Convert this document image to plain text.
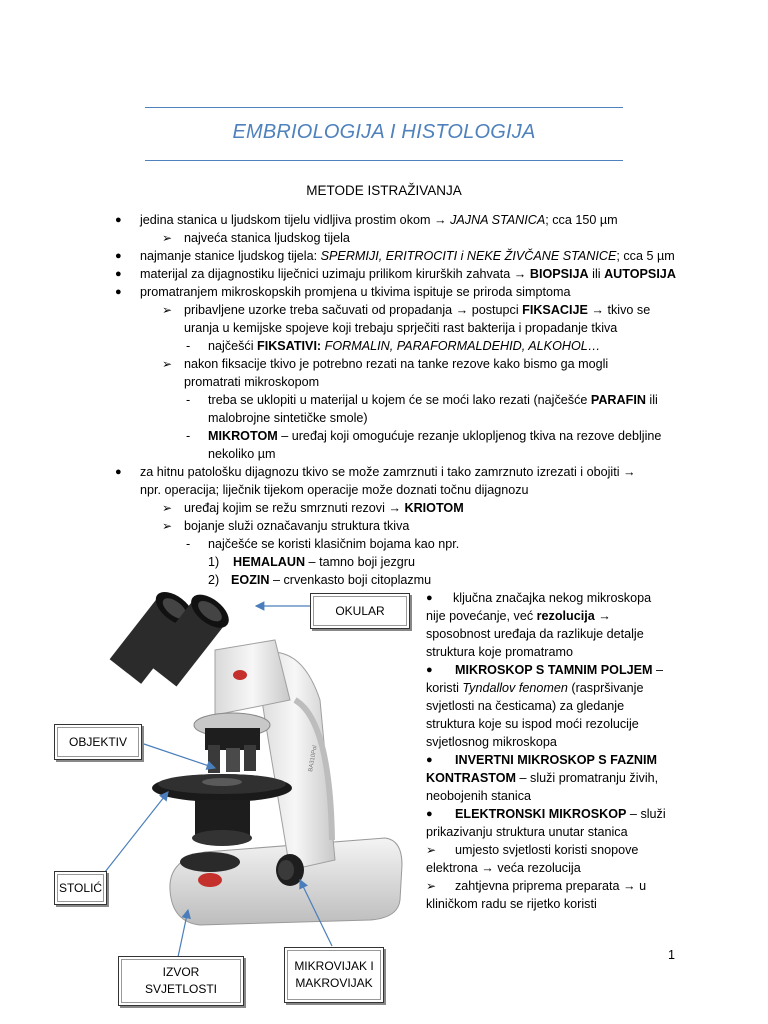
EMBRIOLOGIJA I HISTOLOGIJA
METODE ISTRAŽIVANJA
● jedina stanica u ljudskom tijelu vidljiva prostim okom → JAJNA STANICA; cca 150 µm
➢ najveća stanica ljudskog tijela
● najmanje stanice ljudskog tijela: SPERMIJI, ERITROCITI i NEKE ŽIVČANE STANICE; cca 5 µm
● materijal za dijagnostiku liječnici uzimaju prilikom kirurških zahvata → BIOPSIJA ili AUTOPSIJA
● promatranjem mikroskopskih promjena u tkivima ispituje se priroda simptoma
➢ pribavljene uzorke treba sačuvati od propadanja → postupci FIKSACIJE → tkivo se
uranja u kemijske spojeve koji trebaju sprječiti rast bakterija i propadanje tkiva
- najčešći FIKSATIVI: FORMALIN, PARAFORMALDEHID, ALKOHOL…
➢ nakon fiksacije tkivo je potrebno rezati na tanke rezove kako bismo ga mogli
promatrati mikroskopom
- treba se uklopiti u materijal u kojem će se moći lako rezati (najčešće PARAFIN ili
malobrojne sintetičke smole)
- MIKROTOM – uređaj koji omogućuje rezanje uklopljenog tkiva na rezove debljine
nekoliko µm
● za hitnu patološku dijagnozu tkivo se može zamrznuti i tako zamrznuto izrezati i obojiti →
npr. operacija; liječnik tijekom operacije može doznati točnu dijagnozu
➢ uređaj kojim se režu smrznuti rezovi → KRIOTOM
➢ bojanje služi označavanju struktura tkiva
- najčešće se koristi klasičnim bojama kao npr.
1) HEMALAUN – tamno boji jezgru
2) EOZIN – crvenkasto boji citoplazmu
● ključna značajka nekog mikroskopa
nije povećanje, već rezolucija →
sposobnost uređaja da razlikuje detalje
struktura koje promatramo
● MIKROSKOP S TAMNIM POLJEM –
koristi Tyndallov fenomen (raspršivanje
svjetlosti na česticama) za gledanje
struktura koje su ispod moći rezolucije
svjetlosnog mikroskopa
● INVERTNI MIKROSKOP S FAZNIM
KONTRASTOM – služi promatranju živih,
neobojenih stanica
● ELEKTRONSKI MIKROSKOP – služi
prikazivanju struktura unutar stanica
➢ umjesto svjetlosti koristi snopove
elektrona → veća rezolucija
➢ zahtjevna priprema preparata → u
kliničkom radu se rijetko koristi
BA310Pol
OKULAR
OBJEKTIV
STOLIĆ
IZVOR
SVJETLOSTI
MIKROVIJAK I
MAKROVIJAK
1
